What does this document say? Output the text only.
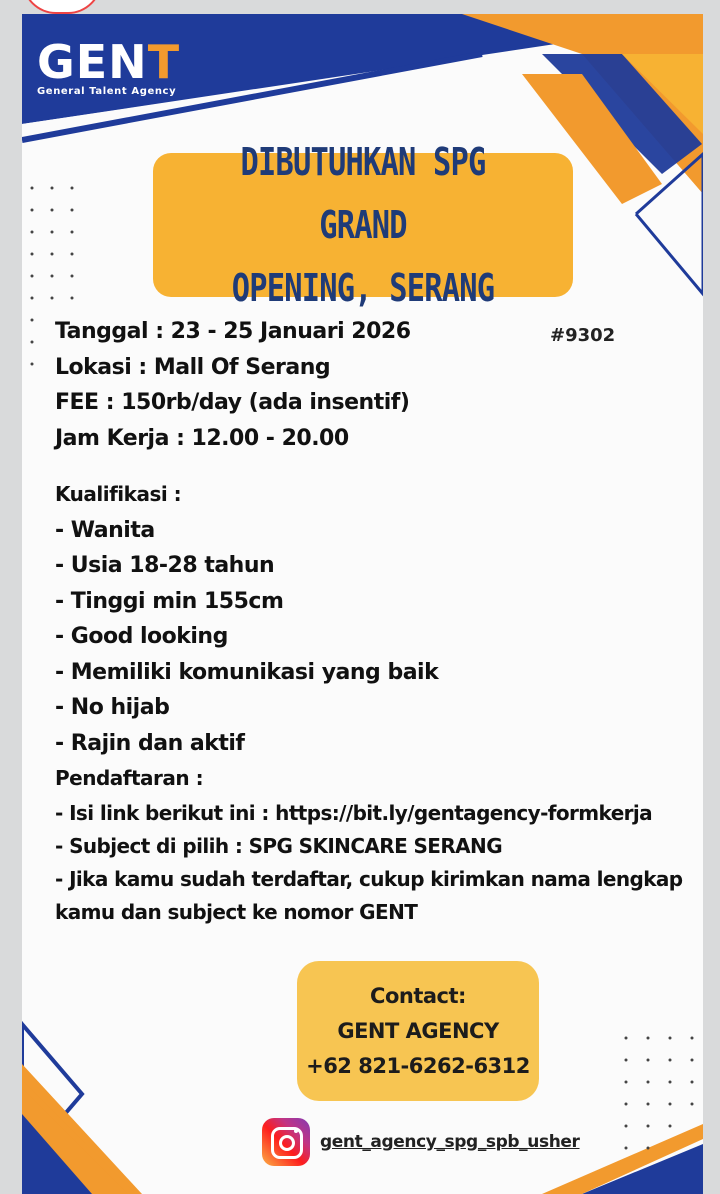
GENT
General Talent Agency
DIBUTUHKAN SPG GRAND
OPENING, SERANG
#9302
Tanggal : 23 - 25 Januari 2026
Lokasi : Mall Of Serang
FEE : 150rb/day (ada insentif)
Jam Kerja : 12.00 - 20.00
Kualifikasi :
- Wanita
- Usia 18-28 tahun
- Tinggi min 155cm
- Good looking
- Memiliki komunikasi yang baik
- No hijab
- Rajin dan aktif
Pendaftaran :
- Isi link berikut ini : https://bit.ly/gentagency-formkerja
- Subject di pilih : SPG SKINCARE SERANG
- Jika kamu sudah terdaftar, cukup kirimkan nama lengkap
kamu dan subject ke nomor GENT
Contact:
GENT AGENCY
+62 821-6262-6312
gent_agency_spg_spb_usher
